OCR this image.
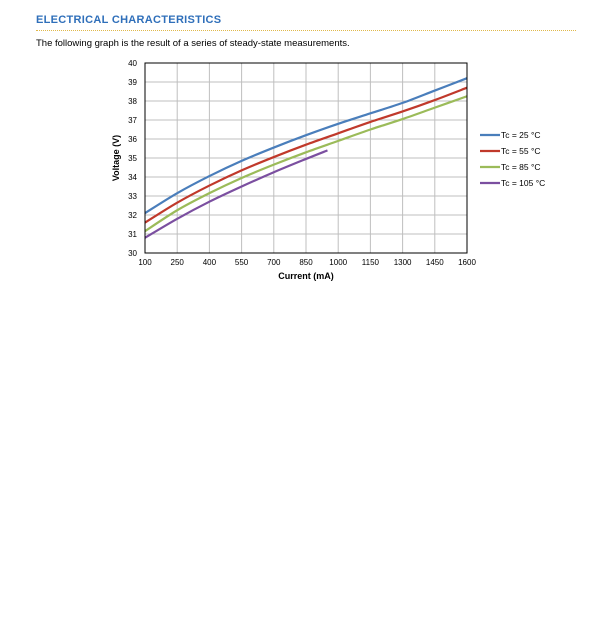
ELECTRICAL CHARACTERISTICS

The following graph is the result of a series of steady-state measurements.

100 250 400 550 700 850 1000 1150 1300 1450 1600
30
31
32
33
34
35
36
37
38
39
40
Current (mA)
Voltage (V)	Tc = 25 °C
Tc = 55 °C
Tc = 85 °C
Tc = 105 °C
